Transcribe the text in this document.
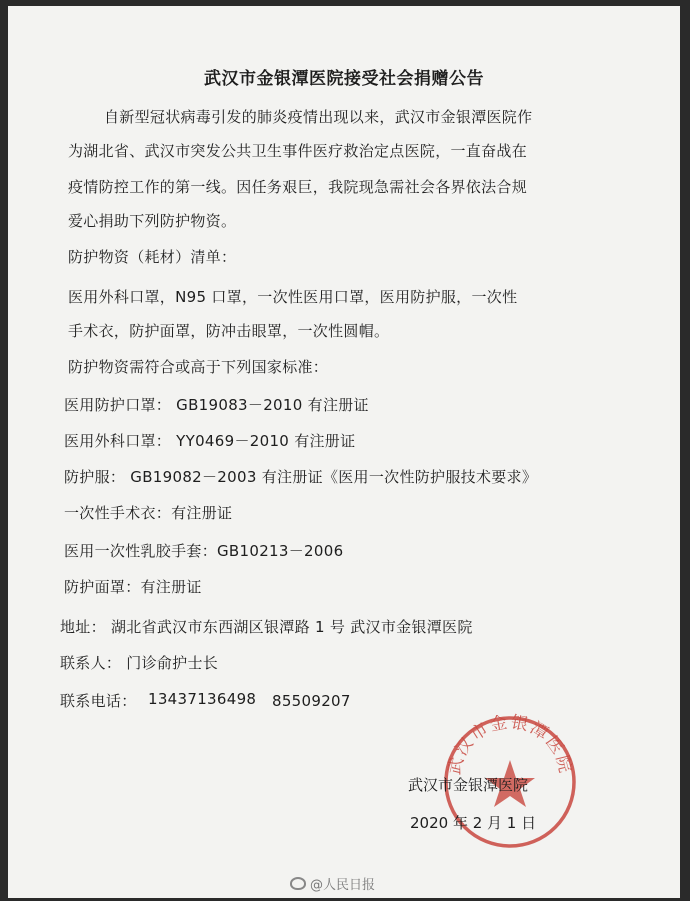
武汉市金银潭医院接受社会捐赠公告
自新型冠状病毒引发的肺炎疫情出现以来，武汉市金银潭医院作
为湖北省、武汉市突发公共卫生事件医疗救治定点医院，一直奋战在
疫情防控工作的第一线。因任务艰巨，我院现急需社会各界依法合规
爱心捐助下列防护物资。
防护物资（耗材）清单：
医用外科口罩，N95 口罩，一次性医用口罩，医用防护服，一次性
手术衣，防护面罩，防冲击眼罩，一次性圆帽。
防护物资需符合或高于下列国家标准：
医用防护口罩： GB19083－2010 有注册证
医用外科口罩： YY0469－2010 有注册证
防护服： GB19082－2003 有注册证《医用一次性防护服技术要求》
一次性手术衣：有注册证
医用一次性乳胶手套：GB10213－2006
防护面罩：有注册证
地址： 湖北省武汉市东西湖区银潭路 1 号 武汉市金银潭医院
联系人： 门诊俞护士长
联系电话： 13437136498 85509207
武汉市金银潭医院
武汉市金银潭医院
2020 年 2 月 1 日
@人民日报
